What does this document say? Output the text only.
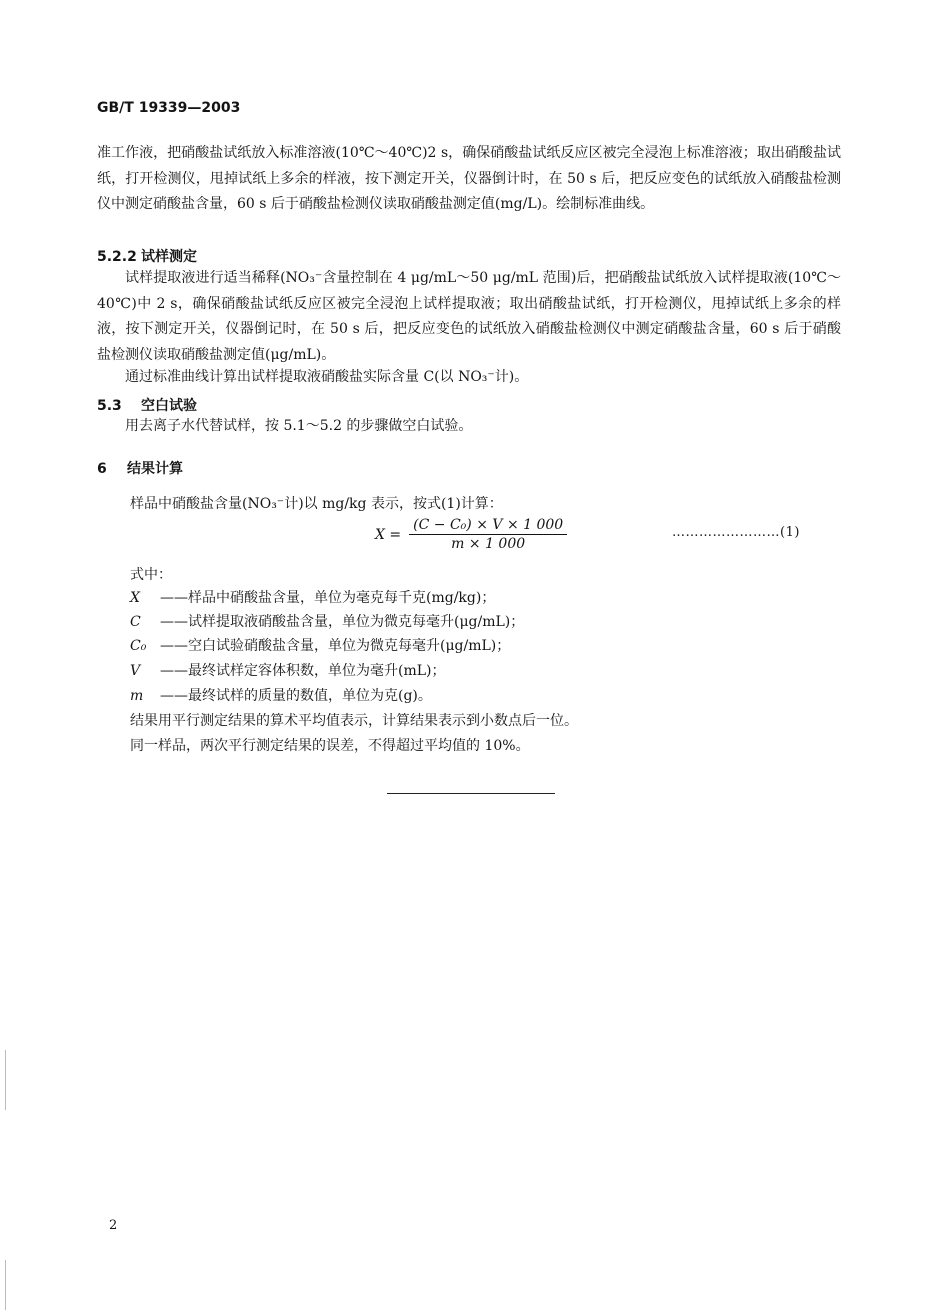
GB/T 19339—2003
准工作液，把硝酸盐试纸放入标准溶液(10℃～40℃)2 s，确保硝酸盐试纸反应区被完全浸泡上标准溶液；取出硝酸盐试纸，打开检测仪，甩掉试纸上多余的样液，按下测定开关，仪器倒计时，在 50 s 后，把反应变色的试纸放入硝酸盐检测仪中测定硝酸盐含量，60 s 后于硝酸盐检测仪读取硝酸盐测定值(mg/L)。绘制标准曲线。
5.2.2 试样测定
试样提取液进行适当稀释(NO₃⁻含量控制在 4 μg/mL～50 μg/mL 范围)后，把硝酸盐试纸放入试样提取液(10℃～40℃)中 2 s，确保硝酸盐试纸反应区被完全浸泡上试样提取液；取出硝酸盐试纸，打开检测仪，甩掉试纸上多余的样液，按下测定开关，仪器倒记时，在 50 s 后，把反应变色的试纸放入硝酸盐检测仪中测定硝酸盐含量，60 s 后于硝酸盐检测仪读取硝酸盐测定值(μg/mL)。
通过标准曲线计算出试样提取液硝酸盐实际含量 C(以 NO₃⁻计)。
5.3 空白试验
用去离子水代替试样，按 5.1～5.2 的步骤做空白试验。
6 结果计算
样品中硝酸盐含量(NO₃⁻计)以 mg/kg 表示，按式(1)计算：
$X = \frac{\text{(C − C₀) × V × 1 000}}{m \times 1 000}$	……………………(1)
式中：
X ——样品中硝酸盐含量，单位为毫克每千克(mg/kg)；
C ——试样提取液硝酸盐含量，单位为微克每毫升(μg/mL)；
C₀ ——空白试验硝酸盐含量，单位为微克每毫升(μg/mL)；
V ——最终试样定容体积数，单位为毫升(mL)；
m ——最终试样的质量的数值，单位为克(g)。
结果用平行测定结果的算术平均值表示，计算结果表示到小数点后一位。
同一样品，两次平行测定结果的误差，不得超过平均值的 10%。
2
